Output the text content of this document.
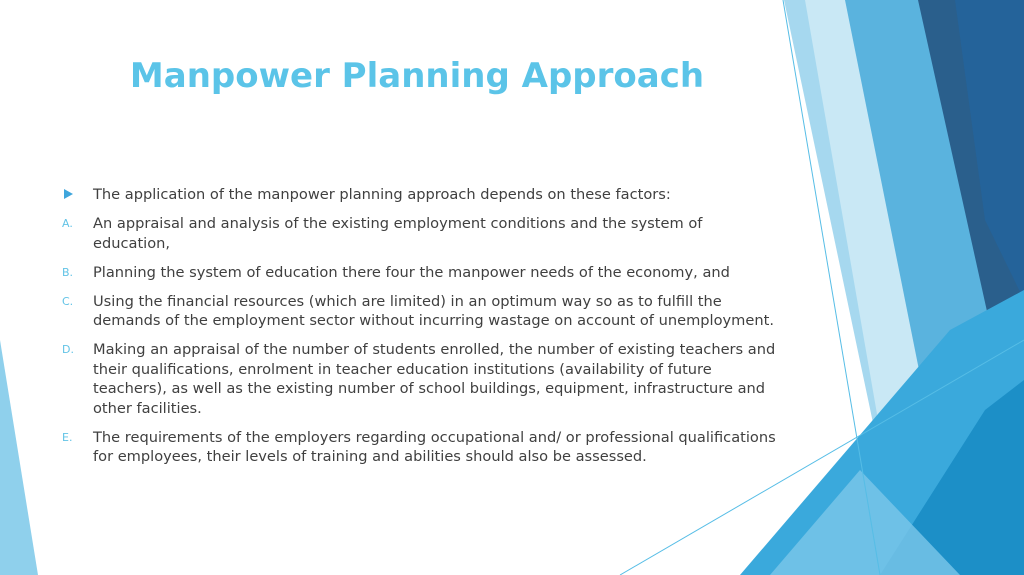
Manpower Planning Approach
The application of the manpower planning approach depends on these factors:
A. An appraisal and analysis of the existing employment conditions and the system of education,
B. Planning the system of education there four the manpower needs of the economy, and
C. Using the financial resources (which are limited) in an optimum way so as to fulfill the demands of the employment sector without incurring wastage on account of unemployment.
D. Making an appraisal of the number of students enrolled, the number of existing teachers and their qualifications, enrolment in teacher education institutions (availability of future teachers), as well as the existing number of school buildings, equipment, infrastructure and other facilities.
E. The requirements of the employers regarding occupational and/ or professional qualifications for employees, their levels of training and abilities should also be assessed.
